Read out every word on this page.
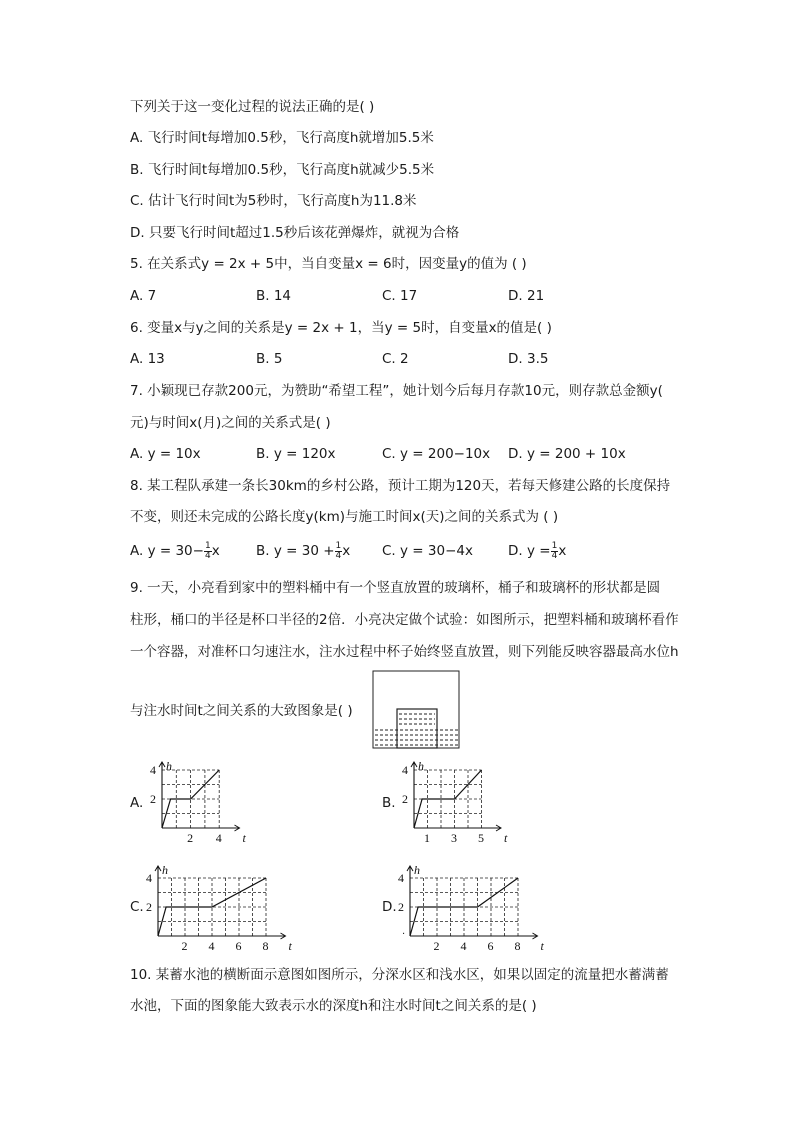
下列关于这一变化过程的说法正确的是( )
A. 飞行时间t每增加0.5秒，飞行高度h就增加5.5米
B. 飞行时间t每增加0.5秒，飞行高度h就减少5.5米
C. 估计飞行时间t为5秒时，飞行高度h为11.8米
D. 只要飞行时间t超过1.5秒后该花弹爆炸，就视为合格
5. 在关系式y = 2x + 5中，当自变量x = 6时，因变量y的值为 ( )
A. 7	B. 14	C. 17	D. 21
6. 变量x与y之间的关系是y = 2x + 1，当y = 5时，自变量x的值是( )
A. 13	B. 5	C. 2	D. 3.5
7. 小颖现已存款200元，为赞助“希望工程”，她计划今后每月存款10元，则存款总金额y(
元)与时间x(月)之间的关系式是( )
A. y = 10x	B. y = 120x	C. y = 200−10x D. y = 200 + 10x
8. 某工程队承建一条长30km的乡村公路，预计工期为120天，若每天修建公路的长度保持
不变，则还未完成的公路长度y(km)与施工时间x(天)之间的关系式为 ( )
A. $y = 30- \frac{1}{4}$ x	B. $y = 30 + \frac{1}{4}$ x C. y = 30−4x	D. $y = \frac{1}{4}$ x
9. 一天，小亮看到家中的塑料桶中有一个竖直放置的玻璃杯，桶子和玻璃杯的形状都是圆
柱形，桶口的半径是杯口半径的2倍．小亮决定做个试验：如图所示，把塑料桶和玻璃杯看作
一个容器，对准杯口匀速注水，注水过程中杯子始终竖直放置，则下列能反映容器最高水位h
与注水时间t之间关系的大致图象是( )
A.	B.
C.	D.
.
h
t
4
2
2 4
h
t
4
2
1 3 5
h
t
4
2
2 4 6 8
h
t
4
2
2 4 6 8
10. 某蓄水池的横断面示意图如图所示，分深水区和浅水区，如果以固定的流量把水蓄满蓄
水池，下面的图象能大致表示水的深度h和注水时间t之间关系的是( )
